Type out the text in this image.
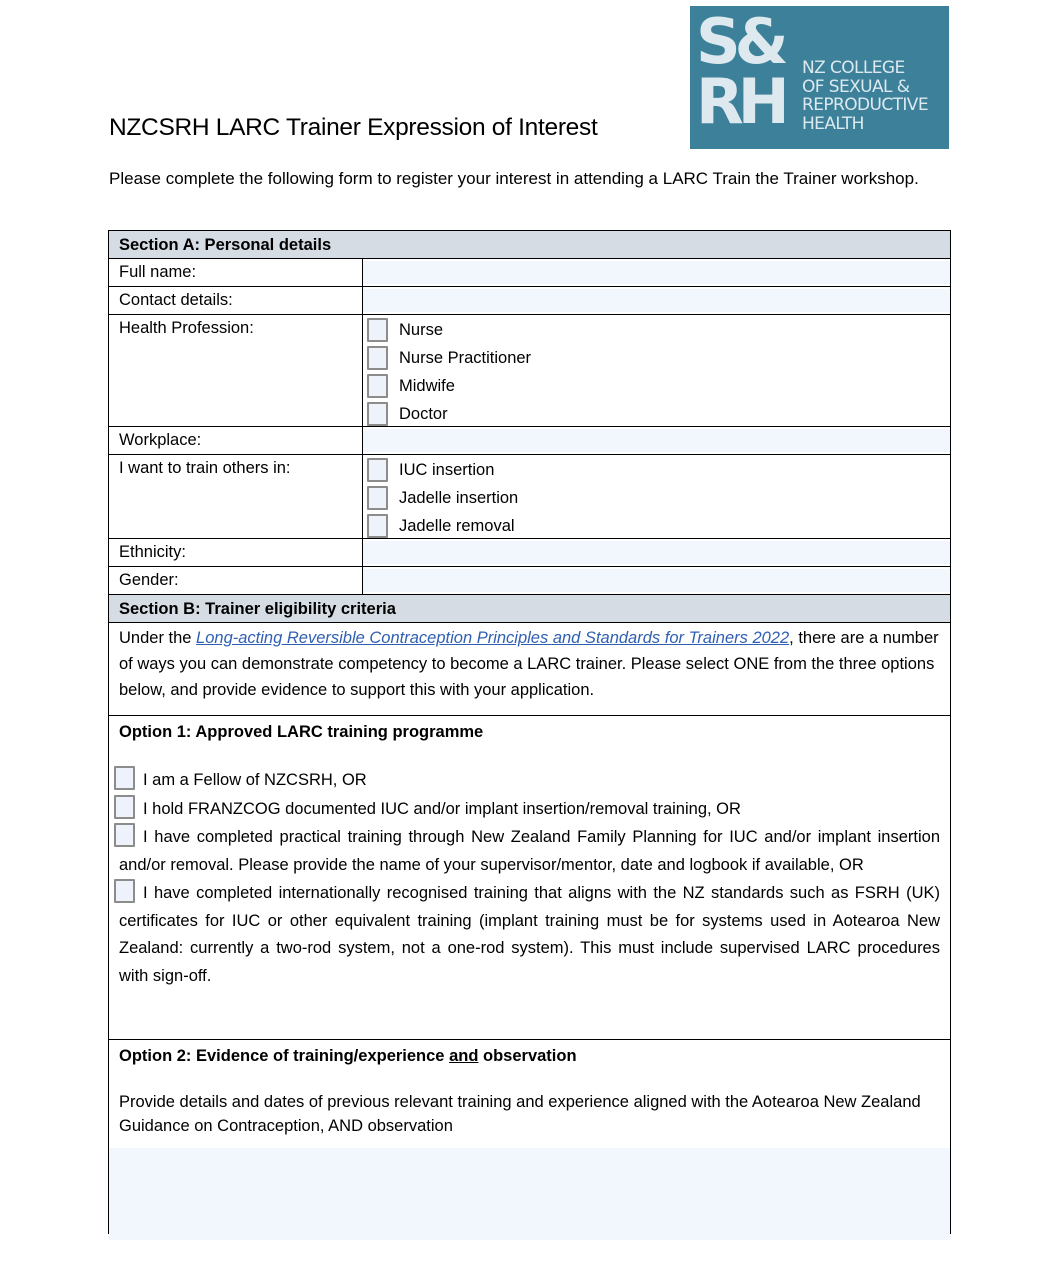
S&
RH NZ COLLEGE
OF SEXUAL &
REPRODUCTIVE
HEALTH
NZCSRH LARC Trainer Expression of Interest

Please complete the following form to register your interest in attending a LARC Train the Trainer workshop.

Section A: Personal details
Full name:
Contact details:
Health Profession:	Nurse
Nurse Practitioner
Midwife
Doctor
Workplace:
I want to train others in:	IUC insertion
Jadelle insertion
Jadelle removal
Ethnicity:
Gender:
Section B: Trainer eligibility criteria
Under the Long-acting Reversible Contraception Principles and Standards for Trainers 2022, there are a number of ways you can demonstrate competency to become a LARC trainer. Please select ONE from the three options below, and provide evidence to support this with your application.
Option 1: Approved LARC training programme

I am a Fellow of NZCSRH, OR

I hold FRANZCOG documented IUC and/or implant insertion/removal training, OR

I have completed practical training through New Zealand Family Planning for IUC and/or implant insertion and/or removal. Please provide the name of your supervisor/mentor, date and logbook if available, OR

I have completed internationally recognised training that aligns with the NZ standards such as FSRH (UK) certificates for IUC or other equivalent training (implant training must be for systems used in Aotearoa New Zealand: currently a two-rod system, not a one-rod system). This must include supervised LARC procedures with sign-off.

Option 2: Evidence of training/experience and observation
Provide details and dates of previous relevant training and experience aligned with the Aotearoa New Zealand Guidance on Contraception, AND observation
